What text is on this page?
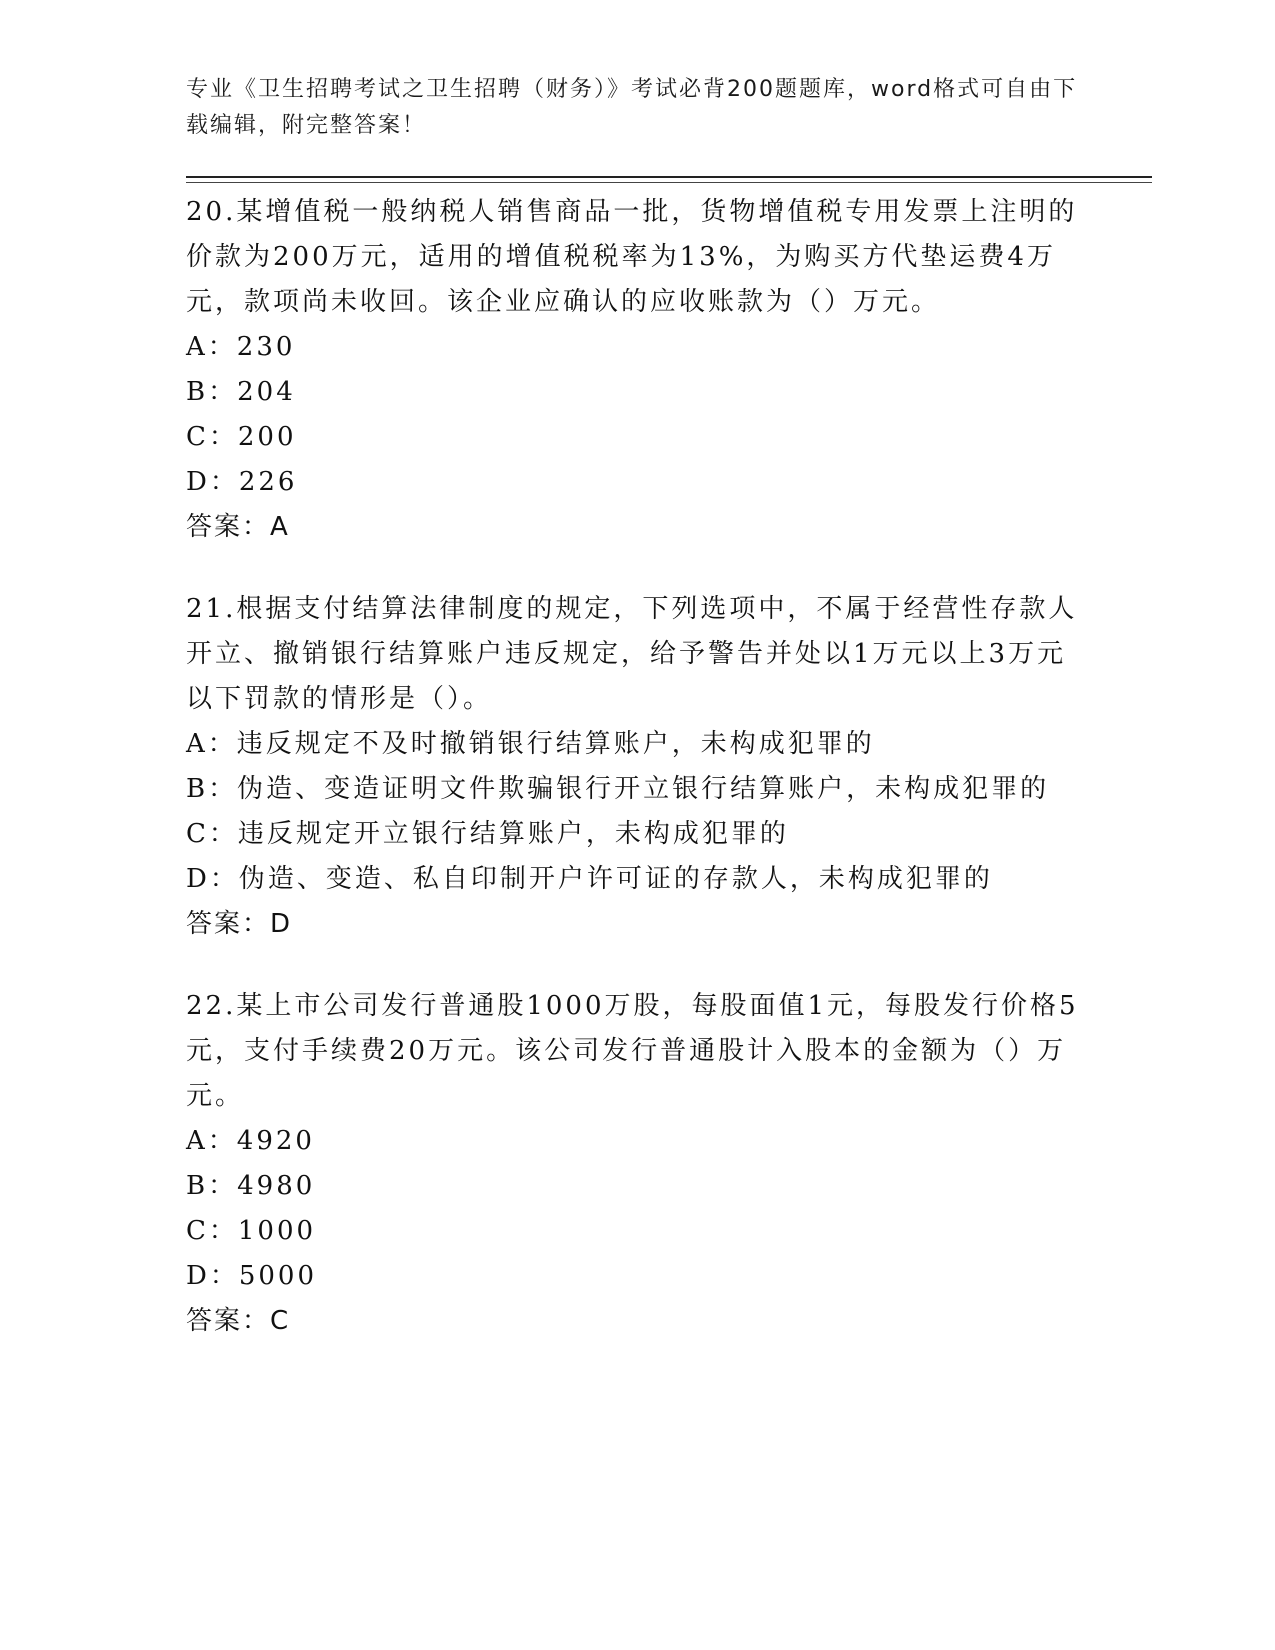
专业《卫生招聘考试之卫生招聘（财务）》考试必背200题题库，word格式可自由下载编辑，附完整答案！

20.某增值税一般纳税人销售商品一批，货物增值税专用发票上注明的价款为200万元，适用的增值税税率为13%，为购买方代垫运费4万元，款项尚未收回。该企业应确认的应收账款为（）万元。

A：230

B：204

C：200

D：226

答案：A

21.根据支付结算法律制度的规定，下列选项中，不属于经营性存款人开立、撤销银行结算账户违反规定，给予警告并处以1万元以上3万元以下罚款的情形是（）。

A：违反规定不及时撤销银行结算账户，未构成犯罪的

B：伪造、变造证明文件欺骗银行开立银行结算账户，未构成犯罪的

C：违反规定开立银行结算账户，未构成犯罪的

D：伪造、变造、私自印制开户许可证的存款人，未构成犯罪的

答案：D

22.某上市公司发行普通股1000万股，每股面值1元，每股发行价格5元，支付手续费20万元。该公司发行普通股计入股本的金额为（）万元。

A：4920

B：4980

C：1000

D：5000

答案：C
